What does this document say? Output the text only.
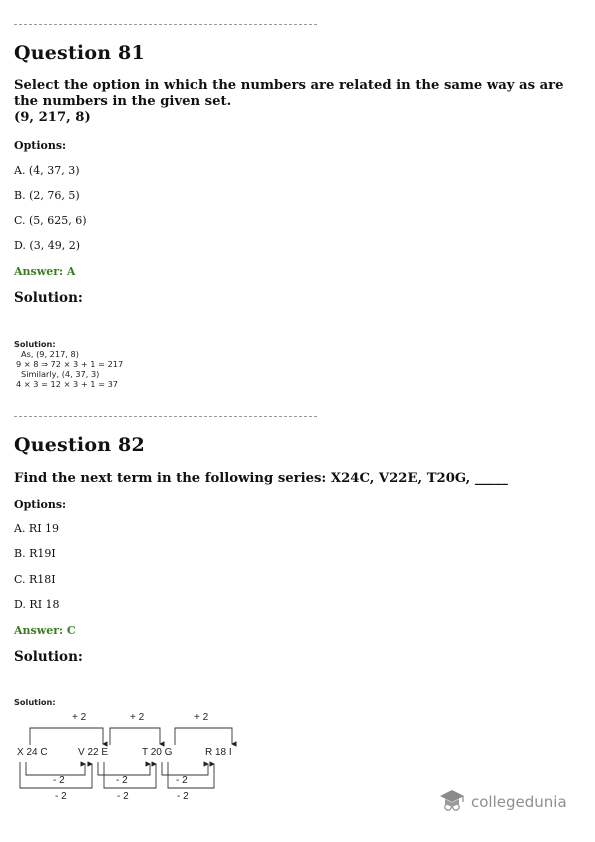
Question 81
Select the option in which the numbers are related in the same way as are the numbers in the given set.
(9, 217, 8)
Options:
A. (4, 37, 3)
B. (2, 76, 5)
C. (5, 625, 6)
D. (3, 49, 2)
Answer: A
Solution:
Solution:
As, (9, 217, 8)
9 × 8 ⇒ 72 × 3 + 1 = 217
Similarly, (4, 37, 3)
4 × 3 = 12 × 3 + 1 = 37
Question 82
Find the next term in the following series: X24C, V22E, T20G, _____
Options:
A. RI 19
B. R19I
C. R18I
D. RI 18
Answer: C
Solution:
Solution:
+ 2	+ 2	+ 2
X 24 C	V 22 E	T 20 G	R 18 I
- 2	- 2	- 2
- 2	- 2	- 2	collegedunia
